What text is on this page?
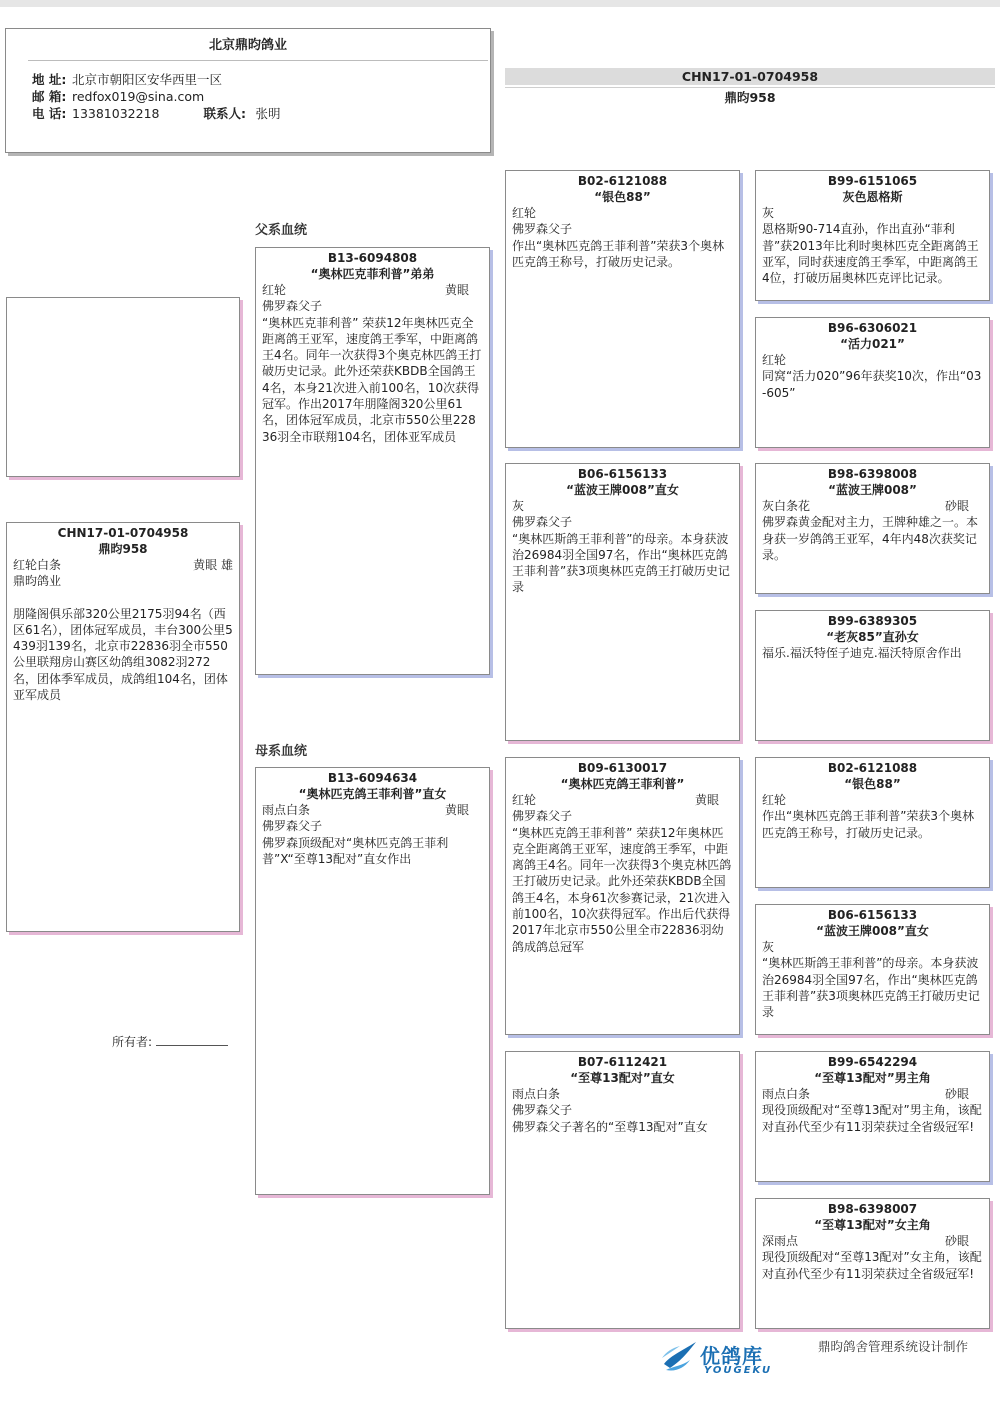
北京鼎昀鸽业
地 址: 北京市朝阳区安华西里一区
邮 箱: redfox019@sina.com
电 话: 13381032218	联系人: 张明
CHN17-01-0704958
鼎昀958
父系血统
母系血统
CHN17-01-0704958
鼎昀958
红轮白条	黄眼 雄
鼎昀鸽业
朋隆阁俱乐部320公里2175羽94名（西区61名），团体冠军成员，丰台300公里5439羽139名，北京市22836羽全市550公里联翔房山赛区幼鸽组3082羽272名，团体季军成员，成鸽组104名，团体亚军成员
所有者:
B13-6094808
“奥林匹克菲利普”弟弟
红轮	黄眼
佛罗森父子
“奥林匹克菲利普” 荣获12年奥林匹克全距离鸽王亚军，速度鸽王季军，中距离鸽王4名。同年一次获得3个奥克林匹鸽王打破历史记录。此外还荣获KBDB全国鸽王4名，本身21次进入前100名，10次获得冠军。作出2017年朋隆阁320公里61名，团体冠军成员，北京市550公里22836羽全市联翔104名，团体亚军成员
B13-6094634
“奥林匹克鸽王菲利普”直女
雨点白条	黄眼
佛罗森父子
佛罗森顶级配对“奥林匹克鸽王菲利普”X“至尊13配对”直女作出
B02-6121088
“银色88”
红轮
佛罗森父子
作出“奥林匹克鸽王菲利普”荣获3个奥林匹克鸽王称号，打破历史记录。
B06-6156133
“蓝波王牌008”直女
灰
佛罗森父子
“奥林匹斯鸽王菲利普”的母亲。本身获波治26984羽全国97名，作出“奥林匹克鸽王菲利普”获3项奥林匹克鸽王打破历史记录
B09-6130017
“奥林匹克鸽王菲利普”
红轮	黄眼
佛罗森父子
“奥林匹克鸽王菲利普” 荣获12年奥林匹克全距离鸽王亚军，速度鸽王季军，中距离鸽王4名。同年一次获得3个奥克林匹鸽王打破历史记录。此外还荣获KBDB全国鸽王4名，本身61次参赛记录，21次进入前100名，10次获得冠军。作出后代获得2017年北京市550公里全市22836羽幼鸽成鸽总冠军
B07-6112421
“至尊13配对”直女
雨点白条
佛罗森父子
佛罗森父子著名的“至尊13配对”直女
B99-6151065
灰色恩格斯
灰
恩格斯90-714直孙，作出直孙“菲利普”获2013年比利时奥林匹克全距离鸽王亚军，同时获速度鸽王季军，中距离鸽王4位，打破历届奥林匹克评比记录。
B96-6306021
“活力021”
红轮
同窝“活力020”96年获奖10次，作出“03-605”
B98-6398008
“蓝波王牌008”
灰白条花	砂眼
佛罗森黄金配对主力，王牌种雄之一。本身获一岁鸽鸽王亚军，4年内48次获奖记录。
B99-6389305
“老灰85”直孙女
福乐.福沃特侄子迪克.福沃特原舍作出
B02-6121088
“银色88”
红轮
作出“奥林匹克鸽王菲利普”荣获3个奥林匹克鸽王称号，打破历史记录。
B06-6156133
“蓝波王牌008”直女
灰
“奥林匹斯鸽王菲利普”的母亲。本身获波治26984羽全国97名，作出“奥林匹克鸽王菲利普”获3项奥林匹克鸽王打破历史记录
B99-6542294
“至尊13配对”男主角
雨点白条	砂眼
现役顶级配对“至尊13配对”男主角，该配对直孙代至少有11羽荣获过全省级冠军!
B98-6398007
“至尊13配对”女主角
深雨点	砂眼
现役顶级配对“至尊13配对”女主角，该配对直孙代至少有11羽荣获过全省级冠军!
优鸽库
YOUGEKU
鼎昀鸽舍管理系统设计制作
